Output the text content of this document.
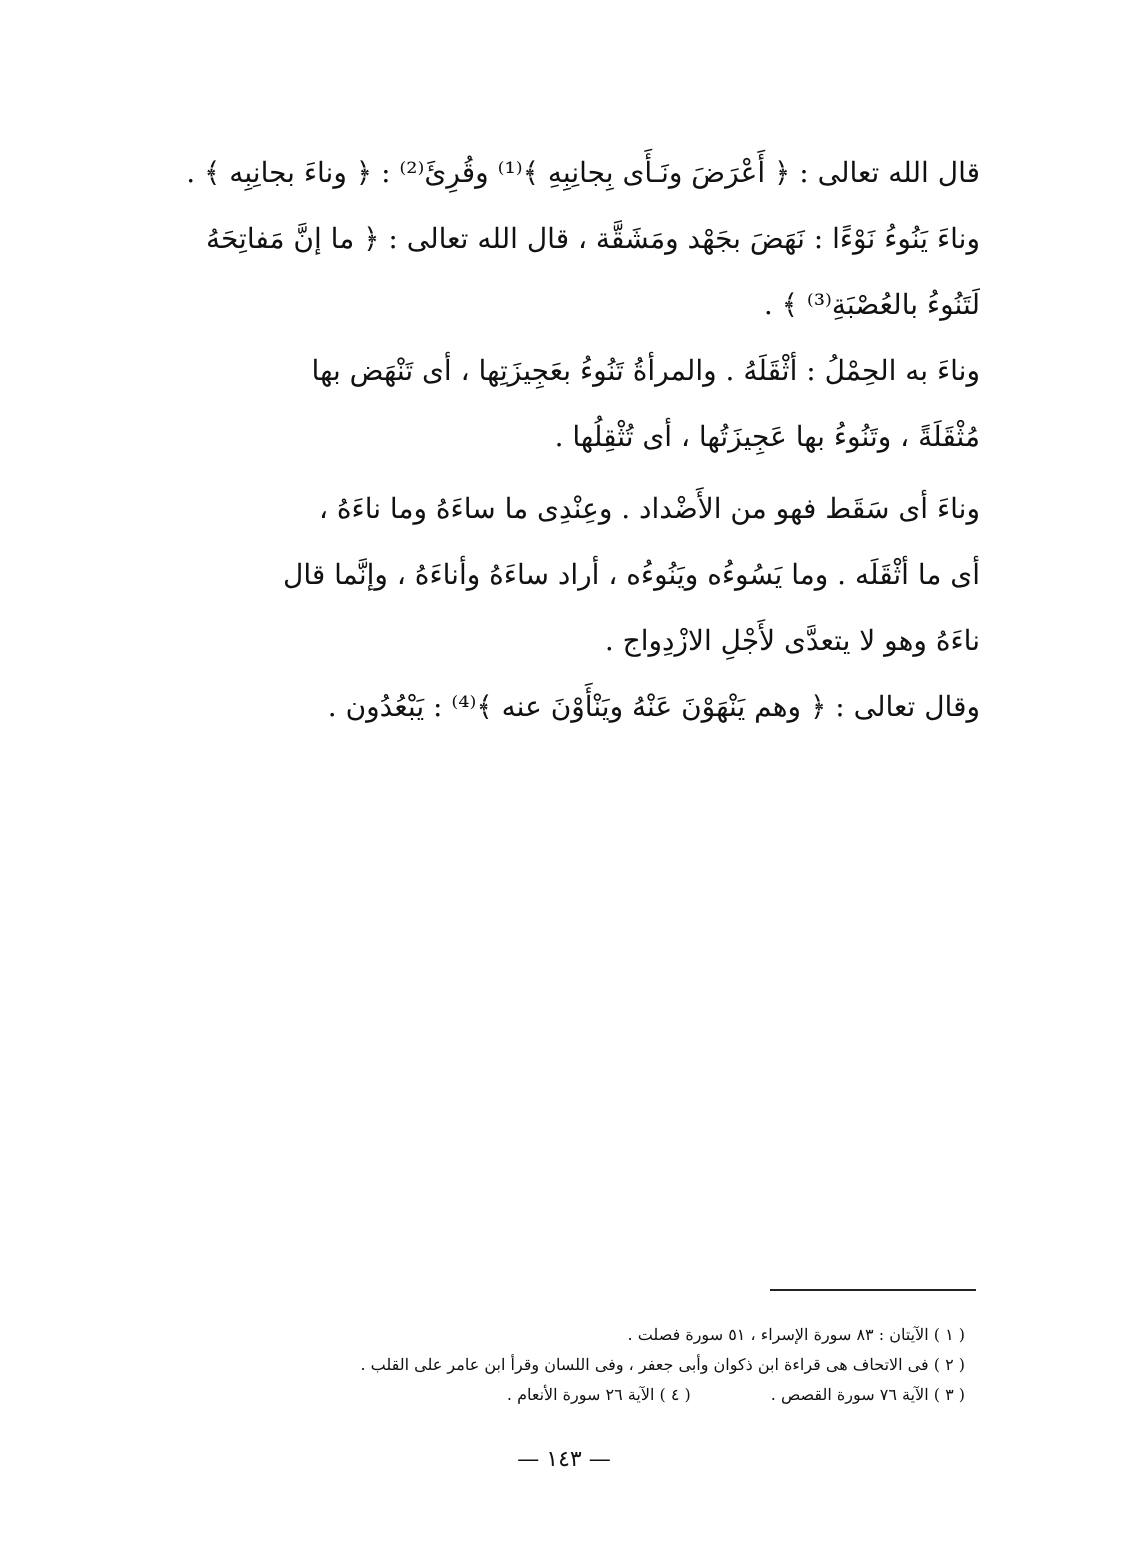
قال الله تعالى : ﴿ أَعْرَضَ ونَـأَى بِجانِبِهِ ﴾⁽¹⁾ وقُرِئَ⁽²⁾ : ﴿ وناءَ بجانِبِه ﴾ .
وناءَ يَنُوءُ نَوْءًا : نَهَضَ بجَهْد ومَشَقَّة ، قال الله تعالى : ﴿ ما إنَّ مَفاتِحَهُ
لَتَنُوءُ بالعُصْبَةِ⁽³⁾ ﴾ .
وناءَ به الحِمْلُ : أثْقَلَهُ . والمرأةُ تَنُوءُ بعَجِيزَتِها ، أى تَنْهَض بها
مُثْقَلَةً ، وتَنُوءُ بها عَجِيزَتُها ، أى تُثْقِلُها .
وناءَ أى سَقَط فهو من الأَضْداد . وعِنْدِى ما ساءَهُ وما ناءَهُ ،
أى ما أثْقَلَه . وما يَسُوءُه ويَنُوءُه ، أراد ساءَهُ وأناءَهُ ، وإنَّما قال
ناءَهُ وهو لا يتعدَّى لأَجْلِ الازْدِواج .
وقال تعالى : ﴿ وهم يَنْهَوْنَ عَنْهُ ويَنْأَوْنَ عنه ﴾⁽⁴⁾ : يَبْعُدُون .
( ١ ) الآيتان : ٨٣ سورة الإسراء ، ٥١ سورة فصلت .
( ٢ ) فى الاتحاف هى قراءة ابن ذكوان وأبى جعفر ، وفى اللسان وقرأ ابن عامر على القلب .
( ٣ ) الآية ٧٦ سورة القصص .
( ٤ ) الآية ٢٦ سورة الأنعام .
— ١٤٣ —
